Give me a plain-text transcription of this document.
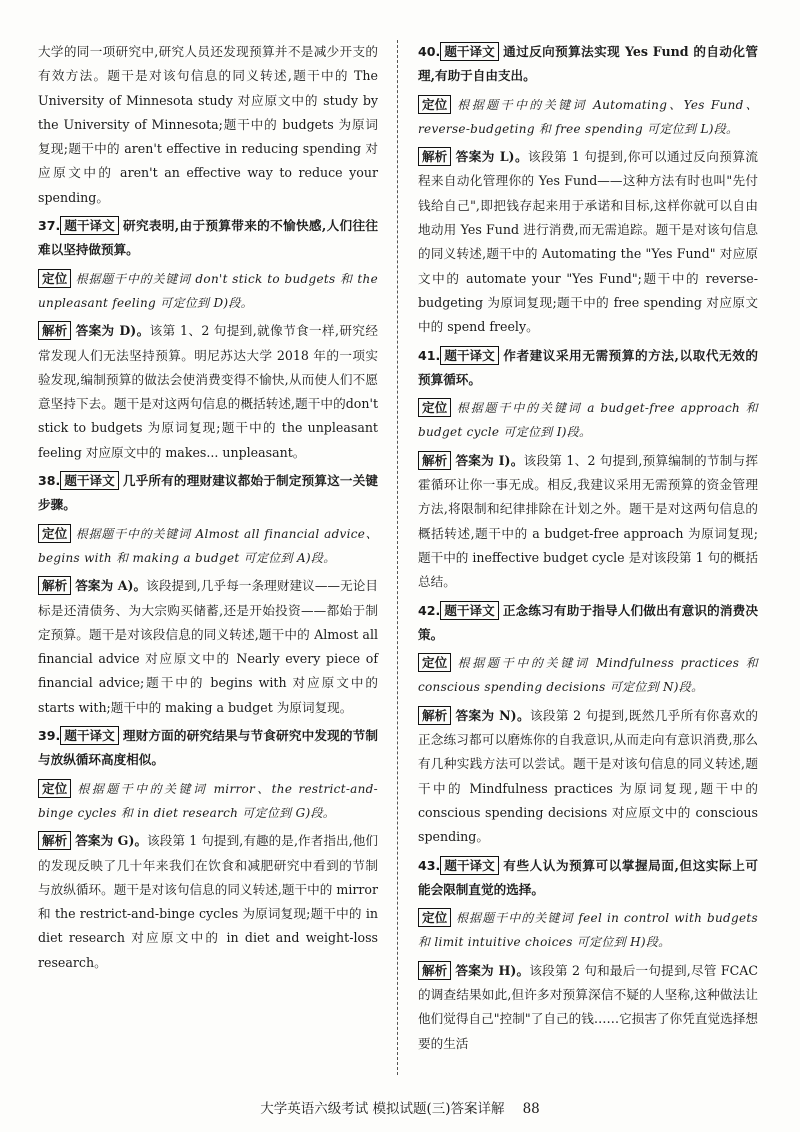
大学的同一项研究中,研究人员还发现预算并不是减少开支的有效方法。题干是对该句信息的同义转述,题干中的 The University of Minnesota study 对应原文中的 study by the University of Minnesota;题干中的 budgets 为原词复现;题干中的 aren't effective in reducing spending 对应原文中的 aren't an effective way to reduce your spending。

37. 题干译文 研究表明,由于预算带来的不愉快感,人们往往难以坚持做预算。

定位 根据题干中的关键词 don't stick to budgets 和 the unpleasant feeling 可定位到 D)段。

解析 答案为 D)。该第 1、2 句提到,就像节食一样,研究经常发现人们无法坚持预算。明尼苏达大学 2018 年的一项实验发现,编制预算的做法会使消费变得不愉快,从而使人们不愿意坚持下去。题干是对这两句信息的概括转述,题干中的don't stick to budgets 为原词复现;题干中的 the unpleasant feeling 对应原文中的 makes... unpleasant。

38. 题干译文 几乎所有的理财建议都始于制定预算这一关键步骤。

定位 根据题干中的关键词 Almost all financial advice、begins with 和 making a budget 可定位到 A)段。

解析 答案为 A)。该段提到,几乎每一条理财建议——无论目标是还清债务、为大宗购买储蓄,还是开始投资——都始于制定预算。题干是对该段信息的同义转述,题干中的 Almost all financial advice 对应原文中的 Nearly every piece of financial advice;题干中的 begins with 对应原文中的 starts with;题干中的 making a budget 为原词复现。

39. 题干译文 理财方面的研究结果与节食研究中发现的节制与放纵循环高度相似。

定位 根据题干中的关键词 mirror、the restrict-and-binge cycles 和 in diet research 可定位到 G)段。

解析 答案为 G)。该段第 1 句提到,有趣的是,作者指出,他们的发现反映了几十年来我们在饮食和减肥研究中看到的节制与放纵循环。题干是对该句信息的同义转述,题干中的 mirror 和 the restrict-and-binge cycles 为原词复现;题干中的 in diet research 对应原文中的 in diet and weight-loss research。

40. 题干译文 通过反向预算法实现 Yes Fund 的自动化管理,有助于自由支出。

定位 根据题干中的关键词 Automating、Yes Fund、reverse-budgeting 和 free spending 可定位到 L)段。

解析 答案为 L)。该段第 1 句提到,你可以通过反向预算流程来自动化管理你的 Yes Fund——这种方法有时也叫"先付钱给自己",即把钱存起来用于承诺和目标,这样你就可以自由地动用 Yes Fund 进行消费,而无需追踪。题干是对该句信息的同义转述,题干中的 Automating the "Yes Fund" 对应原文中的 automate your "Yes Fund";题干中的 reverse-budgeting 为原词复现;题干中的 free spending 对应原文中的 spend freely。

41. 题干译文 作者建议采用无需预算的方法,以取代无效的预算循环。

定位 根据题干中的关键词 a budget-free approach 和 budget cycle 可定位到 I)段。

解析 答案为 I)。该段第 1、2 句提到,预算编制的节制与挥霍循环让你一事无成。相反,我建议采用无需预算的资金管理方法,将限制和纪律排除在计划之外。题干是对这两句信息的概括转述,题干中的 a budget-free approach 为原词复现;题干中的 ineffective budget cycle 是对该段第 1 句的概括总结。

42. 题干译文 正念练习有助于指导人们做出有意识的消费决策。

定位 根据题干中的关键词 Mindfulness practices 和 conscious spending decisions 可定位到 N)段。

解析 答案为 N)。该段第 2 句提到,既然几乎所有你喜欢的正念练习都可以磨炼你的自我意识,从而走向有意识消费,那么有几种实践方法可以尝试。题干是对该句信息的同义转述,题干中的 Mindfulness practices 为原词复现,题干中的 conscious spending decisions 对应原文中的 conscious spending。

43. 题干译文 有些人认为预算可以掌握局面,但这实际上可能会限制直觉的选择。

定位 根据题干中的关键词 feel in control with budgets 和 limit intuitive choices 可定位到 H)段。

解析 答案为 H)。该段第 2 句和最后一句提到,尽管 FCAC 的调查结果如此,但许多对预算深信不疑的人坚称,这种做法让他们觉得自己"控制"了自己的钱……它损害了你凭直觉选择想要的生活

大学英语六级考试 模拟试题(三)答案详解 88
